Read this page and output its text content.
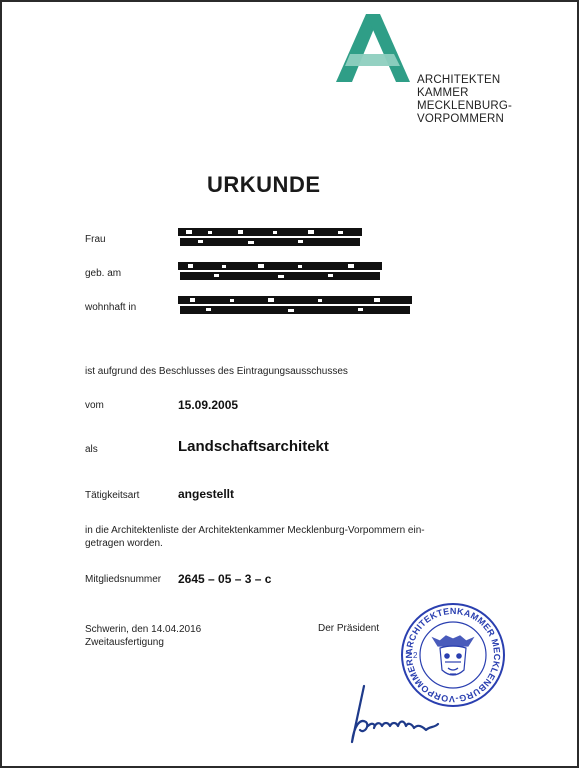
ARCHITEKTEN
KAMMER
MECKLENBURG-
VORPOMMERN
URKUNDE
Frau
geb. am
wohnhaft in
ist aufgrund des Beschlusses des Eintragungsausschusses
vom	15.09.2005
als	Landschaftsarchitekt
Tätigkeitsart	angestellt
in die Architektenliste der Architektenkammer Mecklenburg-Vorpommern ein-
getragen worden.
Mitgliedsnummer 2645 – 05 – 3 – c
Schwerin, den 14.04.2016
Zweitausfertigung
Der Präsident
ARCHITEKTENKAMMER MECKLENBURG-VORPOMMERN
2
